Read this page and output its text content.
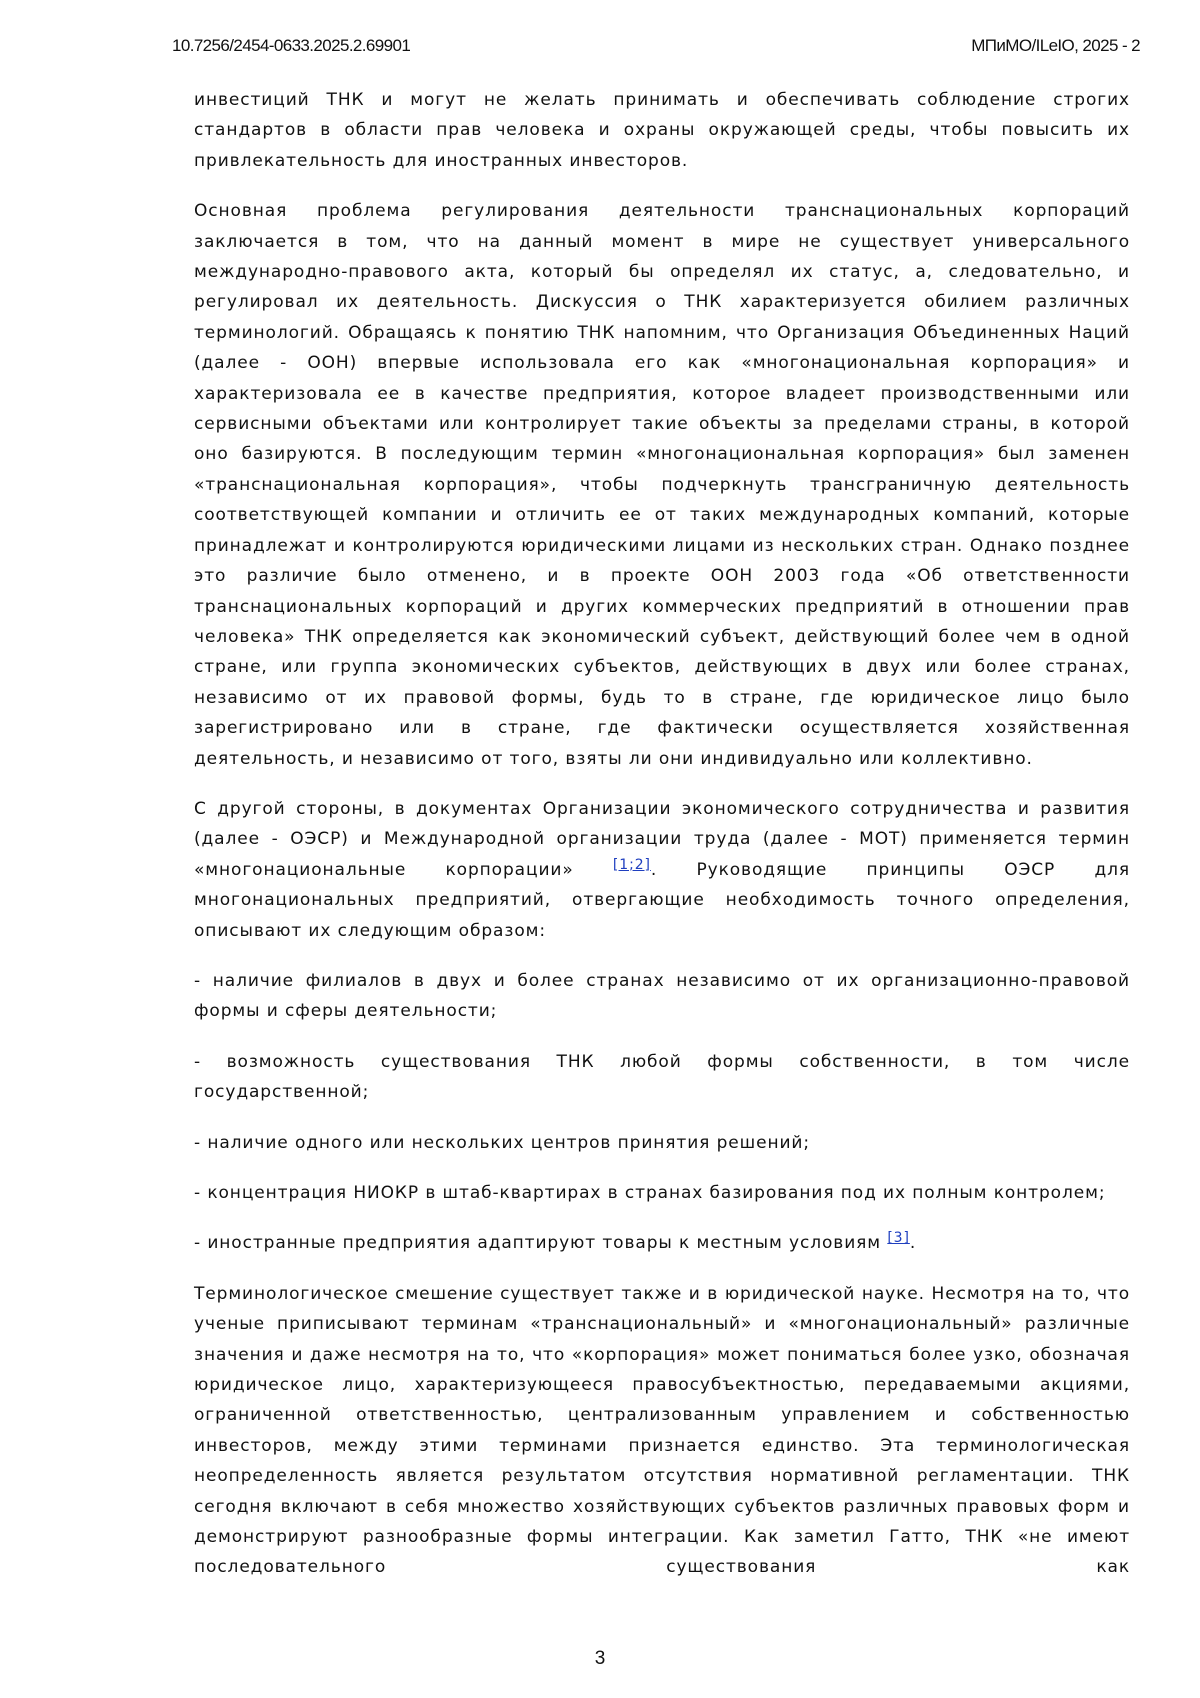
10.7256/2454-0633.2025.2.69901	МПиМО/ILeIO, 2025 - 2

инвестиций ТНК и могут не желать принимать и обеспечивать соблюдение строгих стандартов в области прав человека и охраны окружающей среды, чтобы повысить их привлекательность для иностранных инвесторов.

Основная проблема регулирования деятельности транснациональных корпораций заключается в том, что на данный момент в мире не существует универсального международно-правового акта, который бы определял их статус, а, следовательно, и регулировал их деятельность. Дискуссия о ТНК характеризуется обилием различных терминологий. Обращаясь к понятию ТНК напомним, что Организация Объединенных Наций (далее - ООН) впервые использовала его как «многонациональная корпорация» и характеризовала ее в качестве предприятия, которое владеет производственными или сервисными объектами или контролирует такие объекты за пределами страны, в которой оно базируются. В последующим термин «многонациональная корпорация» был заменен «транснациональная корпорация», чтобы подчеркнуть трансграничную деятельность соответствующей компании и отличить ее от таких международных компаний, которые принадлежат и контролируются юридическими лицами из нескольких стран. Однако позднее это различие было отменено, и в проекте ООН 2003 года «Об ответственности транснациональных корпораций и других коммерческих предприятий в отношении прав человека» ТНК определяется как экономический субъект, действующий более чем в одной стране, или группа экономических субъектов, действующих в двух или более странах, независимо от их правовой формы, будь то в стране, где юридическое лицо было зарегистрировано или в стране, где фактически осуществляется хозяйственная деятельность, и независимо от того, взяты ли они индивидуально или коллективно.

С другой стороны, в документах Организации экономического сотрудничества и развития (далее - ОЭСР) и Международной организации труда (далее - МОТ) применяется термин «многонациональные корпорации» [1;2]. Руководящие принципы ОЭСР для многонациональных предприятий, отвергающие необходимость точного определения, описывают их следующим образом:

- наличие филиалов в двух и более странах независимо от их организационно-правовой формы и сферы деятельности;

- возможность существования ТНК любой формы собственности, в том числе государственной;

- наличие одного или нескольких центров принятия решений;

- концентрация НИОКР в штаб-квартирах в странах базирования под их полным контролем;

- иностранные предприятия адаптируют товары к местным условиям [3].

Терминологическое смешение существует также и в юридической науке. Несмотря на то, что ученые приписывают терминам «транснациональный» и «многонациональный» различные значения и даже несмотря на то, что «корпорация» может пониматься более узко, обозначая юридическое лицо, характеризующееся правосубъектностью, передаваемыми акциями, ограниченной ответственностью, централизованным управлением и собственностью инвесторов, между этими терминами признается единство. Эта терминологическая неопределенность является результатом отсутствия нормативной регламентации. ТНК сегодня включают в себя множество хозяйствующих субъектов различных правовых форм и демонстрируют разнообразные формы интеграции. Как заметил Гатто, ТНК «не имеют последовательного существования как

3
